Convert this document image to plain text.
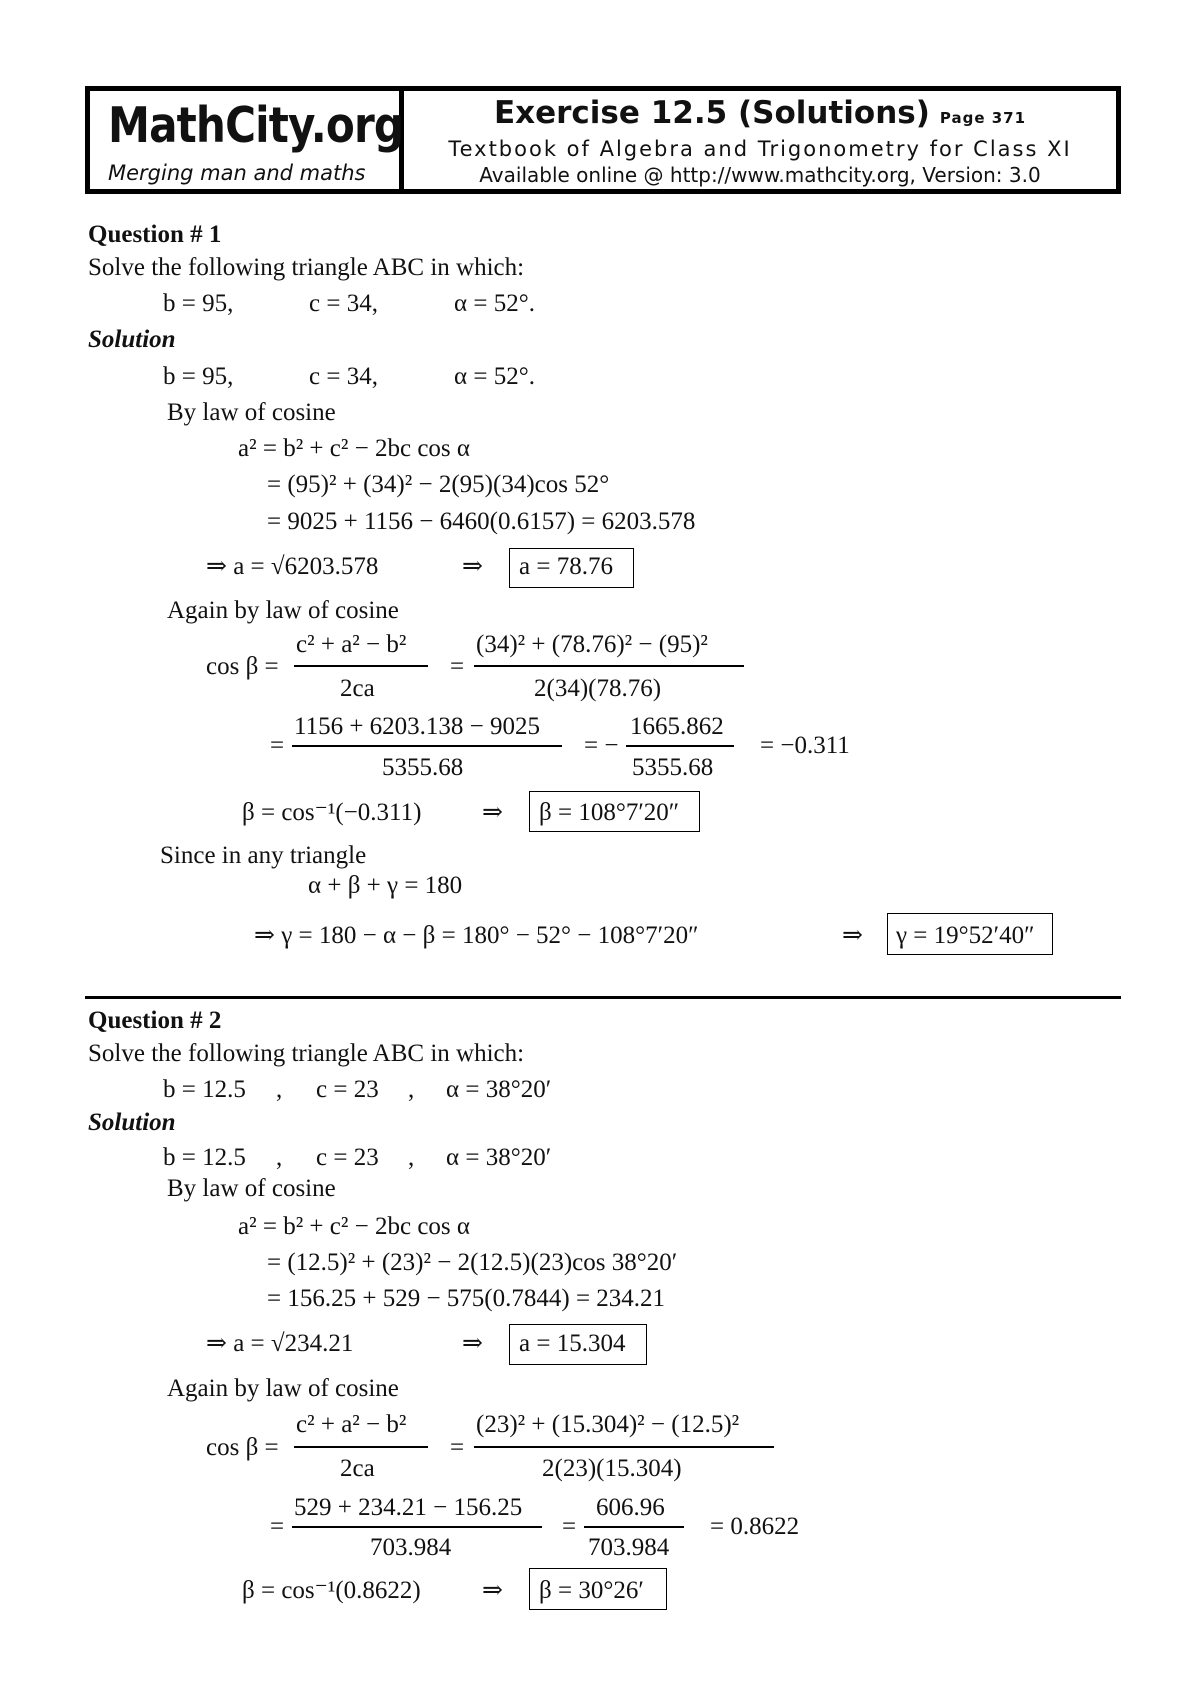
MathCity.org
Merging man and maths
Exercise 12.5 (Solutions) Page 371
Textbook of Algebra and Trigonometry for Class XI
Available online @ http://www.mathcity.org, Version: 3.0
Question # 1
Solve the following triangle ABC in which:
b = 95,	c = 34,	α = 52°.
Solution
b = 95,	c = 34,	α = 52°.
By law of cosine
a² = b² + c² − 2bc cos α
= (95)² + (34)² − 2(95)(34)cos 52°
= 9025 + 1156 − 6460(0.6157) = 6203.578
⇒ a = √6203.578	⇒ a = 78.76
Again by law of cosine
cos β =
c² + a² − b²
2ca
=
(34)² + (78.76)² − (95)²
2(34)(78.76)
=
1156 + 6203.138 − 9025
5355.68
= −
1665.862
5355.68
= −0.311
β = cos⁻¹(−0.311) ⇒ β = 108°7′20″
Since in any triangle
α + β + γ = 180
⇒ γ = 180 − α − β = 180° − 52° − 108°7′20″	⇒ γ = 19°52′40″
Question # 2
Solve the following triangle ABC in which:
b = 12.5 , c = 23 , α = 38°20′
Solution
b = 12.5 , c = 23 , α = 38°20′
By law of cosine
a² = b² + c² − 2bc cos α
= (12.5)² + (23)² − 2(12.5)(23)cos 38°20′
= 156.25 + 529 − 575(0.7844) = 234.21
⇒ a = √234.21	⇒ a = 15.304
Again by law of cosine
cos β =
c² + a² − b²
2ca
=
(23)² + (15.304)² − (12.5)²
2(23)(15.304)
=
529 + 234.21 − 156.25
703.984
=
606.96
703.984
= 0.8622
β = cos⁻¹(0.8622) ⇒ β = 30°26′
